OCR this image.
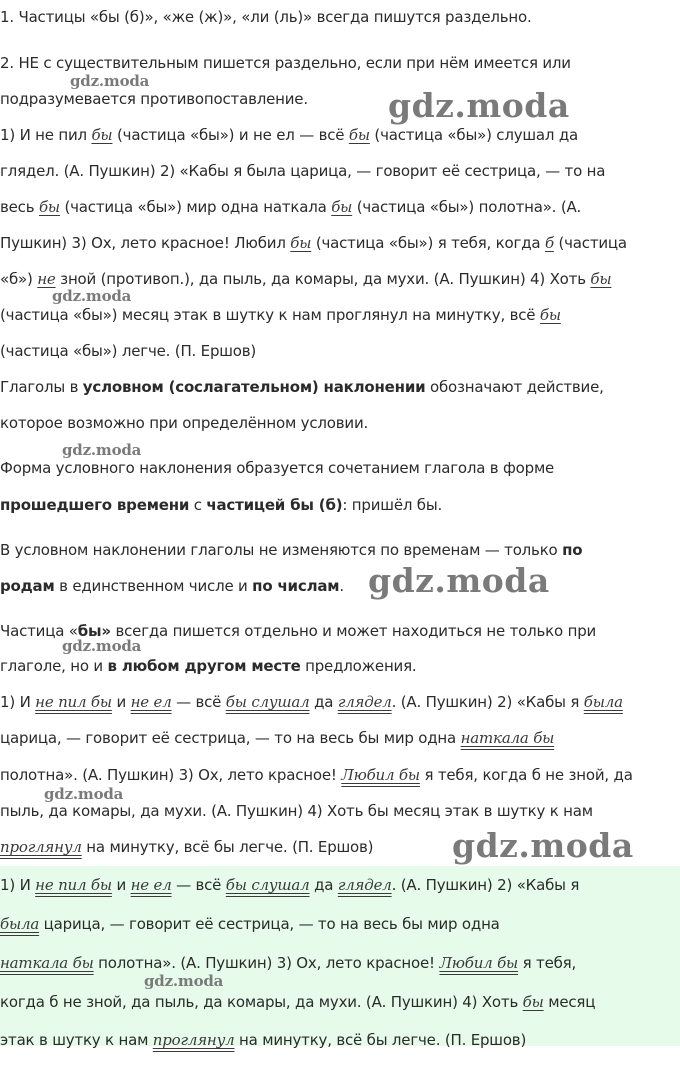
1. Частицы «бы (б)», «же (ж)», «ли (ль)» всегда пишутся раздельно.
2. НЕ с существительным пишется раздельно, если при нём имеется или
подразумевается противопоставление.
1) И не пил бы (частица «бы») и не ел — всё бы (частица «бы») слушал да
глядел. (А. Пушкин) 2) «Кабы я была царица, — говорит её сестрица, — то на
весь бы (частица «бы») мир одна наткала бы (частица «бы») полотна». (А.
Пушкин) 3) Ох, лето красное! Любил бы (частица «бы») я тебя, когда б (частица
«б») не зной (противоп.), да пыль, да комары, да мухи. (А. Пушкин) 4) Хоть бы
(частица «бы») месяц этак в шутку к нам проглянул на минутку, всё бы
(частица «бы») легче. (П. Ершов)
Глаголы в условном (сослагательном) наклонении обозначают действие,
которое возможно при определённом условии.
Форма условного наклонения образуется сочетанием глагола в форме
прошедшего времени с частицей бы (б): пришёл бы.
В условном наклонении глаголы не изменяются по временам — только по
родам в единственном числе и по числам.
Частица «бы» всегда пишется отдельно и может находиться не только при
глаголе, но и в любом другом месте предложения.
1) И не пил бы и не ел — всё бы слушал да глядел. (А. Пушкин) 2) «Кабы я была
царица, — говорит её сестрица, — то на весь бы мир одна наткала бы
полотна». (А. Пушкин) 3) Ох, лето красное! Любил бы я тебя, когда б не зной, да
пыль, да комары, да мухи. (А. Пушкин) 4) Хоть бы месяц этак в шутку к нам
проглянул на минутку, всё бы легче. (П. Ершов)
1) И не пил бы и не ел — всё бы слушал да глядел. (А. Пушкин) 2) «Кабы я
была царица, — говорит её сестрица, — то на весь бы мир одна
наткала бы полотна». (А. Пушкин) 3) Ох, лето красное! Любил бы я тебя,
когда б не зной, да пыль, да комары, да мухи. (А. Пушкин) 4) Хоть бы месяц
этак в шутку к нам проглянул на минутку, всё бы легче. (П. Ершов)
gdz.moda
gdz.moda
gdz.moda
gdz.moda
gdz.moda
gdz.moda
gdz.moda
gdz.moda
gdz.moda
